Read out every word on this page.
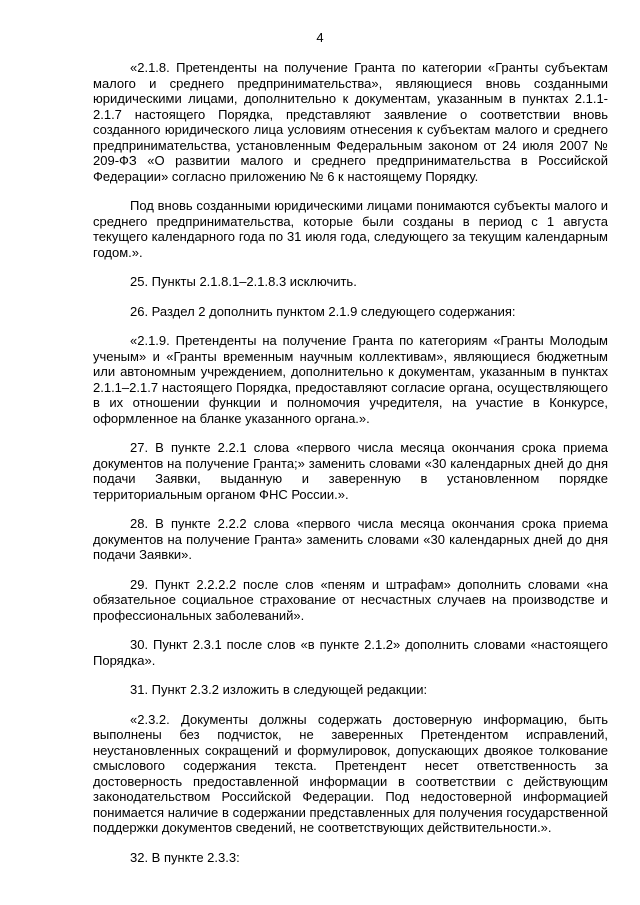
4

«2.1.8. Претенденты на получение Гранта по категории «Гранты субъектам малого и среднего предпринимательства», являющиеся вновь созданными юридическими лицами, дополнительно к документам, указанным в пунктах 2.1.1-2.1.7 настоящего Порядка, представляют заявление о соответствии вновь созданного юридического лица условиям отнесения к субъектам малого и среднего предпринимательства, установленным Федеральным законом от 24 июля 2007 № 209-ФЗ «О развитии малого и среднего предпринимательства в Российской Федерации» согласно приложению № 6 к настоящему Порядку.

Под вновь созданными юридическими лицами понимаются субъекты малого и среднего предпринимательства, которые были созданы в период с 1 августа текущего календарного года по 31 июля года, следующего за текущим календарным годом.».

25. Пункты 2.1.8.1–2.1.8.3 исключить.

26. Раздел 2 дополнить пунктом 2.1.9 следующего содержания:

«2.1.9. Претенденты на получение Гранта по категориям «Гранты Молодым ученым» и «Гранты временным научным коллективам», являющиеся бюджетным или автономным учреждением, дополнительно к документам, указанным в пунктах 2.1.1–2.1.7 настоящего Порядка, предоставляют согласие органа, осуществляющего в их отношении функции и полномочия учредителя, на участие в Конкурсе, оформленное на бланке указанного органа.».

27. В пункте 2.2.1 слова «первого числа месяца окончания срока приема документов на получение Гранта;» заменить словами «30 календарных дней до дня подачи Заявки, выданную и заверенную в установленном порядке территориальным органом ФНС России.».

28. В пункте 2.2.2 слова «первого числа месяца окончания срока приема документов на получение Гранта» заменить словами «30 календарных дней до дня подачи Заявки».

29. Пункт 2.2.2.2 после слов «пеням и штрафам» дополнить словами «на обязательное социальное страхование от несчастных случаев на производстве и профессиональных заболеваний».

30. Пункт 2.3.1 после слов «в пункте 2.1.2» дополнить словами «настоящего Порядка».

31. Пункт 2.3.2 изложить в следующей редакции:

«2.3.2. Документы должны содержать достоверную информацию, быть выполнены без подчисток, не заверенных Претендентом исправлений, неустановленных сокращений и формулировок, допускающих двоякое толкование смыслового содержания текста. Претендент несет ответственность за достоверность предоставленной информации в соответствии с действующим законодательством Российской Федерации. Под недостоверной информацией понимается наличие в содержании представленных для получения государственной поддержки документов сведений, не соответствующих действительности.».

32. В пункте 2.3.3:
